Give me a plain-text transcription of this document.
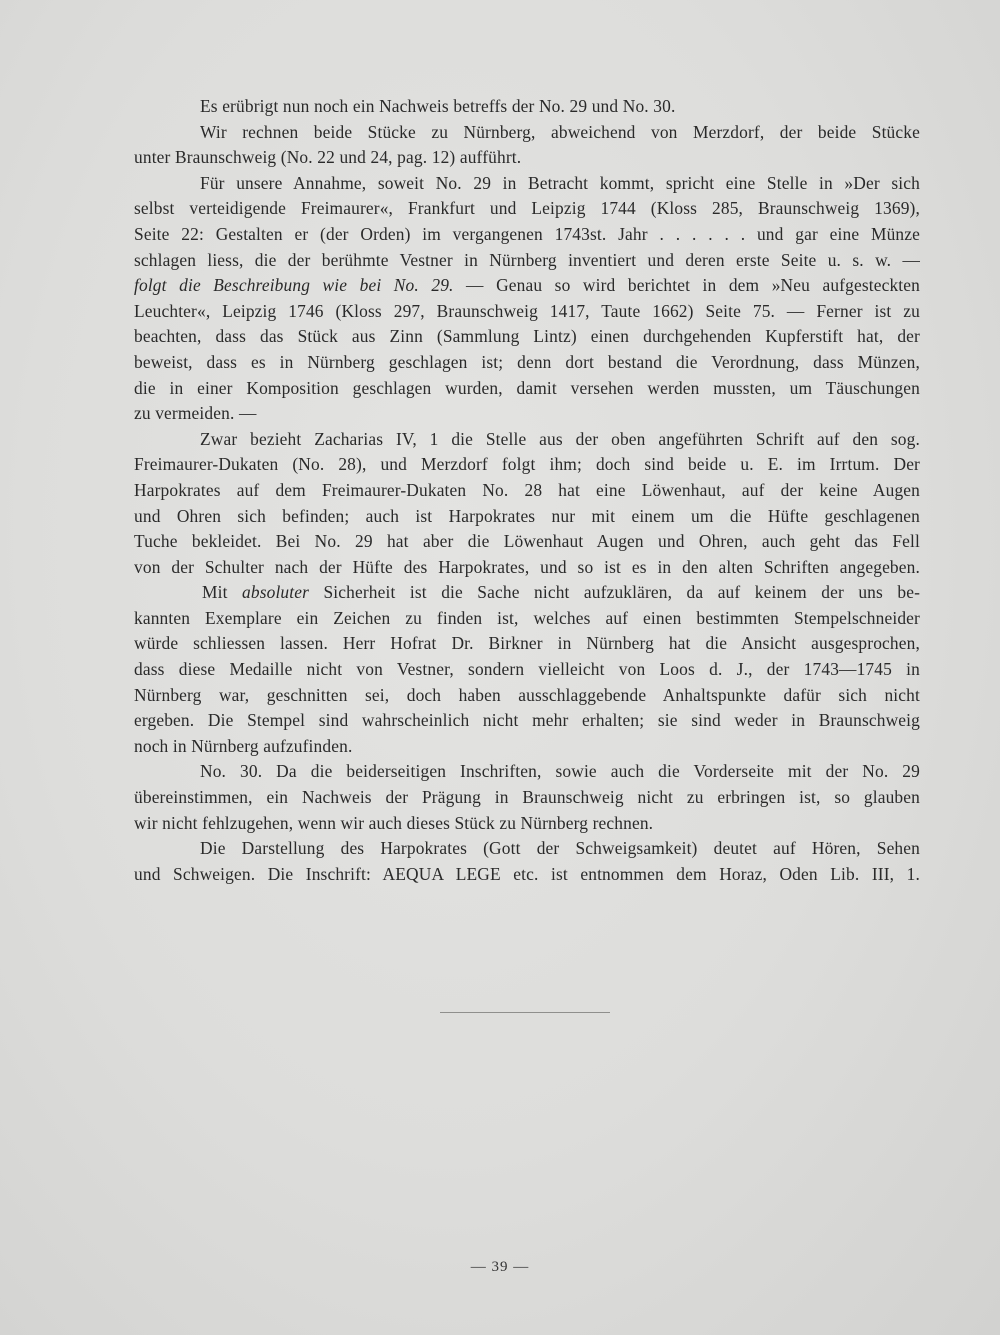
Es erübrigt nun noch ein Nachweis betreffs der No. 29 und No. 30.
Wir rechnen beide Stücke zu Nürnberg, abweichend von Merzdorf, der beide Stücke
unter Braunschweig (No. 22 und 24, pag. 12) aufführt.
Für unsere Annahme, soweit No. 29 in Betracht kommt, spricht eine Stelle in »Der sich
selbst verteidigende Freimaurer«, Frankfurt und Leipzig 1744 (Kloss 285, Braunschweig 1369),
Seite 22: Gestalten er (der Orden) im vergangenen 1743st. Jahr . . . . . . und gar eine Münze
schlagen liess, die der berühmte Vestner in Nürnberg inventiert und deren erste Seite u. s. w. —
folgt die Beschreibung wie bei No. 29. — Genau so wird berichtet in dem »Neu aufgesteckten
Leuchter«, Leipzig 1746 (Kloss 297, Braunschweig 1417, Taute 1662) Seite 75. — Ferner ist zu
beachten, dass das Stück aus Zinn (Sammlung Lintz) einen durchgehenden Kupferstift hat, der
beweist, dass es in Nürnberg geschlagen ist; denn dort bestand die Verordnung, dass Münzen,
die in einer Komposition geschlagen wurden, damit versehen werden mussten, um Täuschungen
zu vermeiden. —
Zwar bezieht Zacharias IV, 1 die Stelle aus der oben angeführten Schrift auf den sog.
Freimaurer-Dukaten (No. 28), und Merzdorf folgt ihm; doch sind beide u. E. im Irrtum. Der
Harpokrates auf dem Freimaurer-Dukaten No. 28 hat eine Löwenhaut, auf der keine Augen
und Ohren sich befinden; auch ist Harpokrates nur mit einem um die Hüfte geschlagenen
Tuche bekleidet. Bei No. 29 hat aber die Löwenhaut Augen und Ohren, auch geht das Fell
von der Schulter nach der Hüfte des Harpokrates, und so ist es in den alten Schriften angegeben.
Mit absoluter Sicherheit ist die Sache nicht aufzuklären, da auf keinem der uns be-
kannten Exemplare ein Zeichen zu finden ist, welches auf einen bestimmten Stempelschneider
würde schliessen lassen. Herr Hofrat Dr. Birkner in Nürnberg hat die Ansicht ausgesprochen,
dass diese Medaille nicht von Vestner, sondern vielleicht von Loos d. J., der 1743—1745 in
Nürnberg war, geschnitten sei, doch haben ausschlaggebende Anhaltspunkte dafür sich nicht
ergeben. Die Stempel sind wahrscheinlich nicht mehr erhalten; sie sind weder in Braunschweig
noch in Nürnberg aufzufinden.
No. 30. Da die beiderseitigen Inschriften, sowie auch die Vorderseite mit der No. 29
übereinstimmen, ein Nachweis der Prägung in Braunschweig nicht zu erbringen ist, so glauben
wir nicht fehlzugehen, wenn wir auch dieses Stück zu Nürnberg rechnen.
Die Darstellung des Harpokrates (Gott der Schweigsamkeit) deutet auf Hören, Sehen
und Schweigen. Die Inschrift: AEQUA LEGE etc. ist entnommen dem Horaz, Oden Lib. III, 1.
— 39 —
